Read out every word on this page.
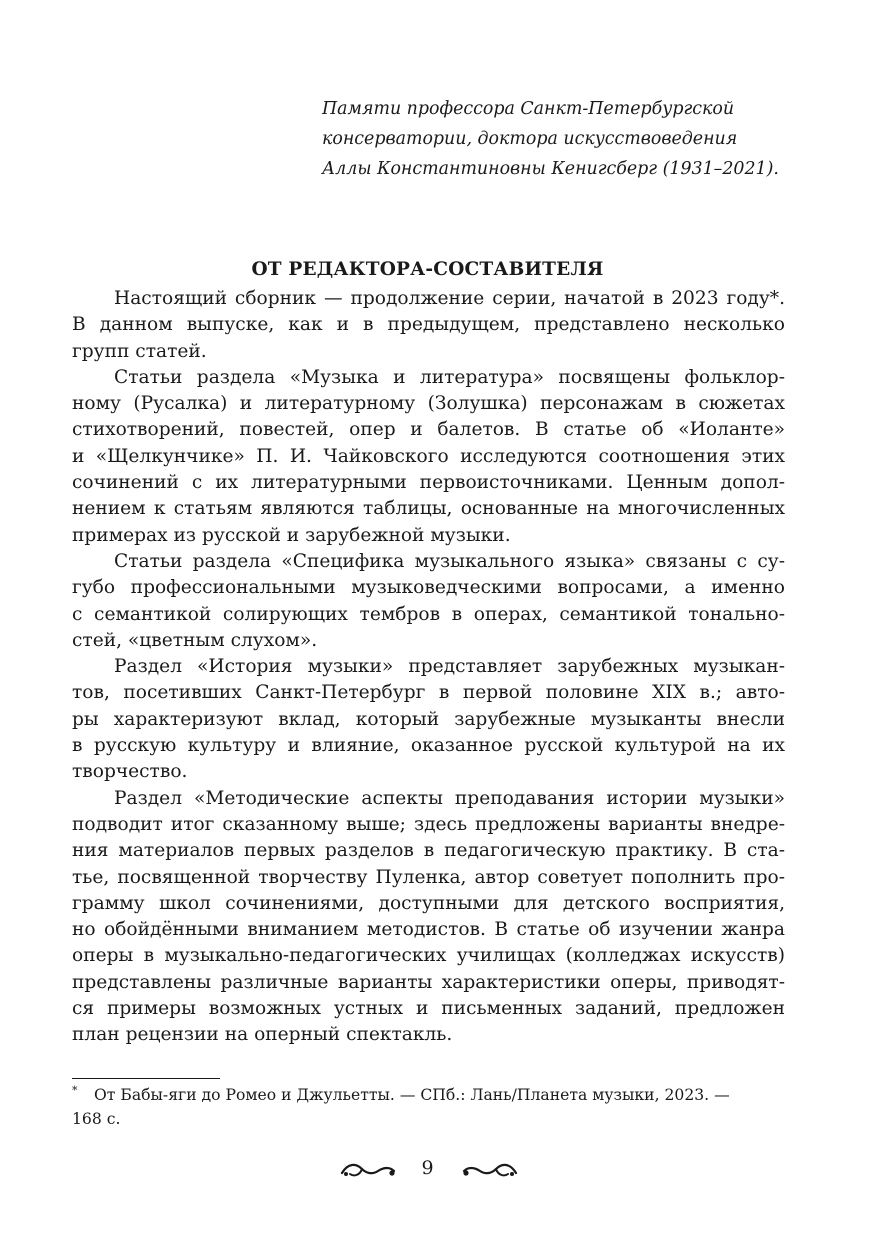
Памяти профессора Санкт-Петербургской
консерватории, доктора искусствоведения
Аллы Константиновны Кенигсберг (1931–2021).
ОТ РЕДАКТОРА-СОСТАВИТЕЛЯ
Настоящий сборник — продолжение серии, начатой в 2023 году*.
В данном выпуске, как и в предыдущем, представлено несколько
групп статей.
Статьи раздела «Музыка и литература» посвящены фольклор-
ному (Русалка) и литературному (Золушка) персонажам в сюжетах
стихотворений, повестей, опер и балетов. В статье об «Иоланте»
и «Щелкунчике» П. И. Чайковского исследуются соотношения этих
сочинений с их литературными первоисточниками. Ценным допол-
нением к статьям являются таблицы, основанные на многочисленных
примерах из русской и зарубежной музыки.
Статьи раздела «Специфика музыкального языка» связаны с су-
губо профессиональными музыковедческими вопросами, а именно
с семантикой солирующих тембров в операх, семантикой тонально-
стей, «цветным слухом».
Раздел «История музыки» представляет зарубежных музыкан-
тов, посетивших Санкт-Петербург в первой половине XIX в.; авто-
ры характеризуют вклад, который зарубежные музыканты внесли
в русскую культуру и влияние, оказанное русской культурой на их
творчество.
Раздел «Методические аспекты преподавания истории музыки»
подводит итог сказанному выше; здесь предложены варианты внедре-
ния материалов первых разделов в педагогическую практику. В ста-
тье, посвященной творчеству Пуленка, автор советует пополнить про-
грамму школ сочинениями, доступными для детского восприятия,
но обойдёнными вниманием методистов. В статье об изучении жанра
оперы в музыкально-педагогических училищах (колледжах искусств)
представлены различные варианты характеристики оперы, приводят-
ся примеры возможных устных и письменных заданий, предложен
план рецензии на оперный спектакль.
* От Бабы-яги до Ромео и Джульетты. — СПб.: Лань/Планета музыки, 2023. —
168 с.
9
